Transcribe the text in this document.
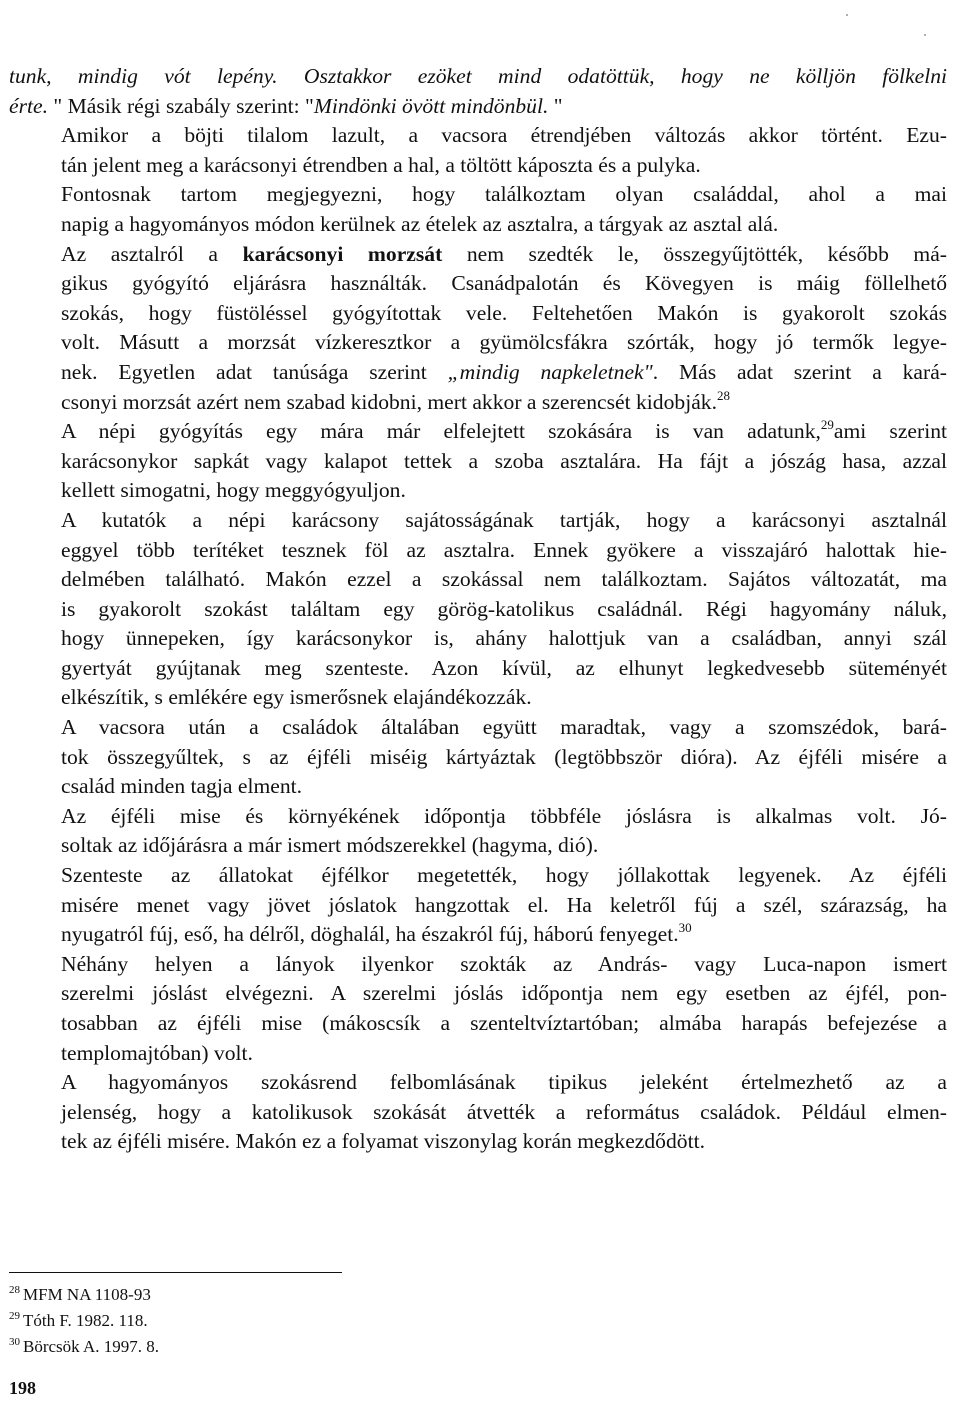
tunk, mindig vót lepény. Osztakkor ezöket mind odatöttük, hogy ne kölljön fölkelni
érte. " Másik régi szabály szerint: "Mindönki övött mindönbül. "

Amikor a böjti tilalom lazult, a vacsora étrendjében változás akkor történt. Ezu-
tán jelent meg a karácsonyi étrendben a hal, a töltött káposzta és a pulyka.

Fontosnak tartom megjegyezni, hogy találkoztam olyan családdal, ahol a mai
napig a hagyományos módon kerülnek az ételek az asztalra, a tárgyak az asztal alá.

Az asztalról a karácsonyi morzsát nem szedték le, összegyűjtötték, később má-
gikus gyógyító eljárásra használták. Csanádpalotán és Kövegyen is máig föllelhető
szokás, hogy füstöléssel gyógyítottak vele. Feltehetően Makón is gyakorolt szokás
volt. Másutt a morzsát vízkeresztkor a gyümölcsfákra szórták, hogy jó termők legye-
nek. Egyetlen adat tanúsága szerint „mindig napkeletnek". Más adat szerint a kará-
csonyi morzsát azért nem szabad kidobni, mert akkor a szerencsét kidobják.$^{28}$

A népi gyógyítás egy mára már elfelejtett szokására is van adatunk,$^{29}$ami szerint
karácsonykor sapkát vagy kalapot tettek a szoba asztalára. Ha fájt a jószág hasa, azzal
kellett simogatni, hogy meggyógyuljon.

A kutatók a népi karácsony sajátosságának tartják, hogy a karácsonyi asztalnál
eggyel több terítéket tesznek föl az asztalra. Ennek gyökere a visszajáró halottak hie-
delmében található. Makón ezzel a szokással nem találkoztam. Sajátos változatát, ma
is gyakorolt szokást találtam egy görög-katolikus családnál. Régi hagyomány náluk,
hogy ünnepeken, így karácsonykor is, ahány halottjuk van a családban, annyi szál
gyertyát gyújtanak meg szenteste. Azon kívül, az elhunyt legkedvesebb süteményét
elkészítik, s emlékére egy ismerősnek elajándékozzák.

A vacsora után a családok általában együtt maradtak, vagy a szomszédok, bará-
tok összegyűltek, s az éjféli miséig kártyáztak (legtöbbször dióra). Az éjféli misére a
család minden tagja elment.

Az éjféli mise és környékének időpontja többféle jóslásra is alkalmas volt. Jó-
soltak az időjárásra a már ismert módszerekkel (hagyma, dió).

Szenteste az állatokat éjfélkor megetették, hogy jóllakottak legyenek. Az éjféli
misére menet vagy jövet jóslatok hangzottak el. Ha keletről fúj a szél, szárazság, ha
nyugatról fúj, eső, ha délről, döghalál, ha északról fúj, háború fenyeget.$^{30}$

Néhány helyen a lányok ilyenkor szokták az András- vagy Luca-napon ismert
szerelmi jóslást elvégezni. A szerelmi jóslás időpontja nem egy esetben az éjfél, pon-
tosabban az éjféli mise (mákoscsík a szenteltvíztartóban; almába harapás befejezése a
templomajtóban) volt.

A hagyományos szokásrend felbomlásának tipikus jeleként értelmezhető az a
jelenség, hogy a katolikusok szokását átvették a református családok. Például elmen-
tek az éjféli misére. Makón ez a folyamat viszonylag korán megkezdődött.

$^{28}$ MFM NA 1108-93
$^{29}$ Tóth F. 1982. 118.
$^{30}$ Börcsök A. 1997. 8.
198
